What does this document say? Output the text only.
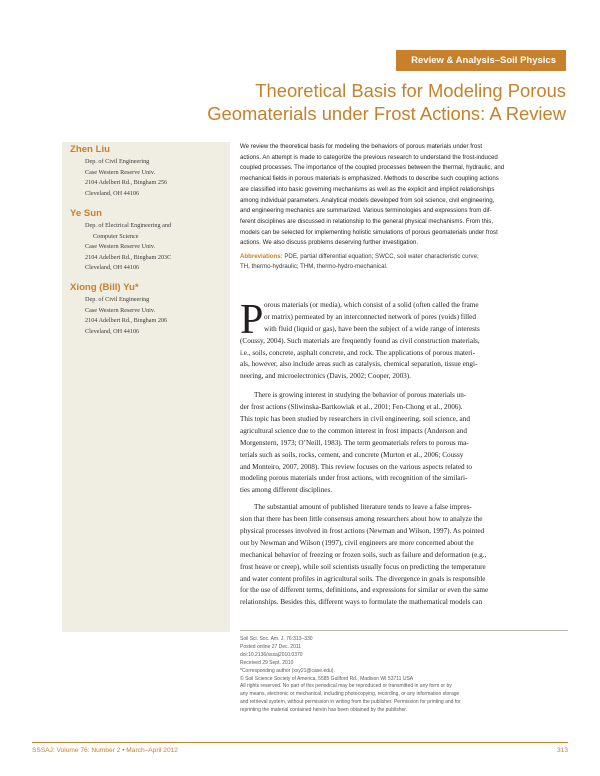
Review & Analysis–Soil Physics
Theoretical Basis for Modeling Porous
Geomaterials under Frost Actions: A Review
Zhen Liu
Dep. of Civil Engineering
Case Western Reserve Univ.
2104 Adelbert Rd., Bingham 256
Cleveland, OH 44106
Ye Sun
Dep. of Electrical Engineering and
Computer Science
Case Western Reserve Univ.
2104 Adelbert Rd., Bingham 203C
Cleveland, OH 44106
Xiong (Bill) Yu*
Dep. of Civil Engineering
Case Western Reserve Univ.
2104 Adelbert Rd., Bingham 206
Cleveland, OH 44106
We review the theoretical basis for modeling the behaviors of porous materials under frost
actions. An attempt is made to categorize the previous research to understand the frost-induced
coupled processes. The importance of the coupled processes between the thermal, hydraulic, and
mechanical fields in porous materials is emphasized. Methods to describe such coupling actions
are classified into basic governing mechanisms as well as the explicit and implicit relationships
among individual parameters. Analytical models developed from soil science, civil engineering,
and engineering mechanics are summarized. Various terminologies and expressions from dif-
ferent disciplines are discussed in relationship to the general physical mechanisms. From this,
models can be selected for implementing holistic simulations of porous geomaterials under frost
actions. We also discuss problems deserving further investigation.
Abbreviations: PDE, partial differential equation; SWCC, soil water characteristic curve;
TH, thermo-hydraulic; THM, thermo-hydro-mechanical.
P orous materials (or media), which consist of a solid (often called the frame
or matrix) permeated by an interconnected network of pores (voids) filled
with fluid (liquid or gas), have been the subject of a wide range of interests
(Coussy, 2004). Such materials are frequently found as civil construction materials,
i.e., soils, concrete, asphalt concrete, and rock. The applications of porous materi-
als, however, also include areas such as catalysis, chemical separation, tissue engi-
neering, and microelectronics (Davis, 2002; Cooper, 2003).
There is growing interest in studying the behavior of porous materials un-
der frost actions (Sliwinska-Bartkowiak et al., 2001; Fen-Chong et al., 2006).
This topic has been studied by researchers in civil engineering, soil science, and
agricultural science due to the common interest in frost impacts (Anderson and
Morgenstern, 1973; O’Neill, 1983). The term geomaterials refers to porous ma-
terials such as soils, rocks, cement, and concrete (Murton et al., 2006; Coussy
and Monteiro, 2007, 2008). This review focuses on the various aspects related to
modeling porous materials under frost actions, with recognition of the similari-
ties among different disciplines.
The substantial amount of published literature tends to leave a false impres-
sion that there has been little consensus among researchers about how to analyze the
physical processes involved in frost actions (Newman and Wilson, 1997). As pointed
out by Newman and Wilson (1997), civil engineers are more concerned about the
mechanical behavior of freezing or frozen soils, such as failure and deformation (e.g.,
frost heave or creep), while soil scientists usually focus on predicting the temperature
and water content profiles in agricultural soils. The divergence in goals is responsible
for the use of different terms, definitions, and expressions for similar or even the same
relationships. Besides this, different ways to formulate the mathematical models can
Soil Sci. Soc. Am. J. 76:313–330
Posted online 27 Dec. 2011
doi:10.2136/sssaj2010.0370
Received 29 Sept. 2010
*Corresponding author (xxy21@case.edu).
© Soil Science Society of America, 5585 Guilford Rd., Madison WI 53711 USA
All rights reserved. No part of this periodical may be reproduced or transmitted in any form or by
any means, electronic or mechanical, including photocopying, recording, or any information storage
and retrieval system, without permission in writing from the publisher. Permission for printing and for
reprinting the material contained herein has been obtained by the publisher.
SSSAJ: Volume 76: Number 2 • March–April 2012	313
